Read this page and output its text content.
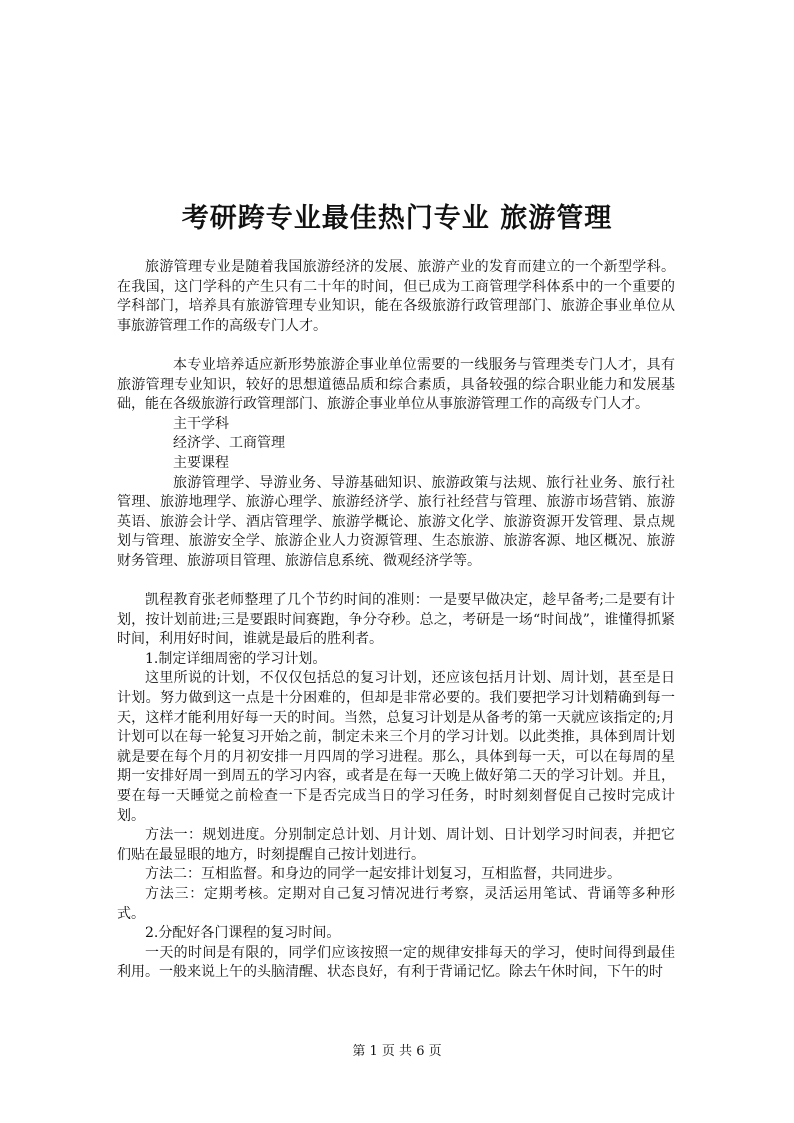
考研跨专业最佳热门专业 旅游管理

旅游管理专业是随着我国旅游经济的发展、旅游产业的发育而建立的一个新型学科。在我国，这门学科的产生只有二十年的时间，但已成为工商管理学科体系中的一个重要的学科部门，培养具有旅游管理专业知识，能在各级旅游行政管理部门、旅游企事业单位从事旅游管理工作的高级专门人才。

本专业培养适应新形势旅游企事业单位需要的一线服务与管理类专门人才，具有旅游管理专业知识，较好的思想道德品质和综合素质，具备较强的综合职业能力和发展基础，能在各级旅游行政管理部门、旅游企事业单位从事旅游管理工作的高级专门人才。

主干学科

经济学、工商管理

主要课程

旅游管理学、导游业务、导游基础知识、旅游政策与法规、旅行社业务、旅行社管理、旅游地理学、旅游心理学、旅游经济学、旅行社经营与管理、旅游市场营销、旅游英语、旅游会计学、酒店管理学、旅游学概论、旅游文化学、旅游资源开发管理、景点规划与管理、旅游安全学、旅游企业人力资源管理、生态旅游、旅游客源、地区概况、旅游财务管理、旅游项目管理、旅游信息系统、微观经济学等。

凯程教育张老师整理了几个节约时间的准则：一是要早做决定，趁早备考;二是要有计划，按计划前进;三是要跟时间赛跑，争分夺秒。总之，考研是一场“时间战”，谁懂得抓紧时间，利用好时间，谁就是最后的胜利者。

1.制定详细周密的学习计划。

这里所说的计划，不仅仅包括总的复习计划，还应该包括月计划、周计划，甚至是日计划。努力做到这一点是十分困难的，但却是非常必要的。我们要把学习计划精确到每一天，这样才能利用好每一天的时间。当然，总复习计划是从备考的第一天就应该指定的;月计划可以在每一轮复习开始之前，制定未来三个月的学习计划。以此类推，具体到周计划就是要在每个月的月初安排一月四周的学习进程。那么，具体到每一天，可以在每周的星期一安排好周一到周五的学习内容，或者是在每一天晚上做好第二天的学习计划。并且，要在每一天睡觉之前检查一下是否完成当日的学习任务，时时刻刻督促自己按时完成计划。

方法一：规划进度。分别制定总计划、月计划、周计划、日计划学习时间表，并把它们贴在最显眼的地方，时刻提醒自己按计划进行。

方法二：互相监督。和身边的同学一起安排计划复习，互相监督，共同进步。

方法三：定期考核。定期对自己复习情况进行考察，灵活运用笔试、背诵等多种形式。

2.分配好各门课程的复习时间。

一天的时间是有限的，同学们应该按照一定的规律安排每天的学习，使时间得到最佳利用。一般来说上午的头脑清醒、状态良好，有利于背诵记忆。除去午休时间，下午的时

第 1 页 共 6 页
